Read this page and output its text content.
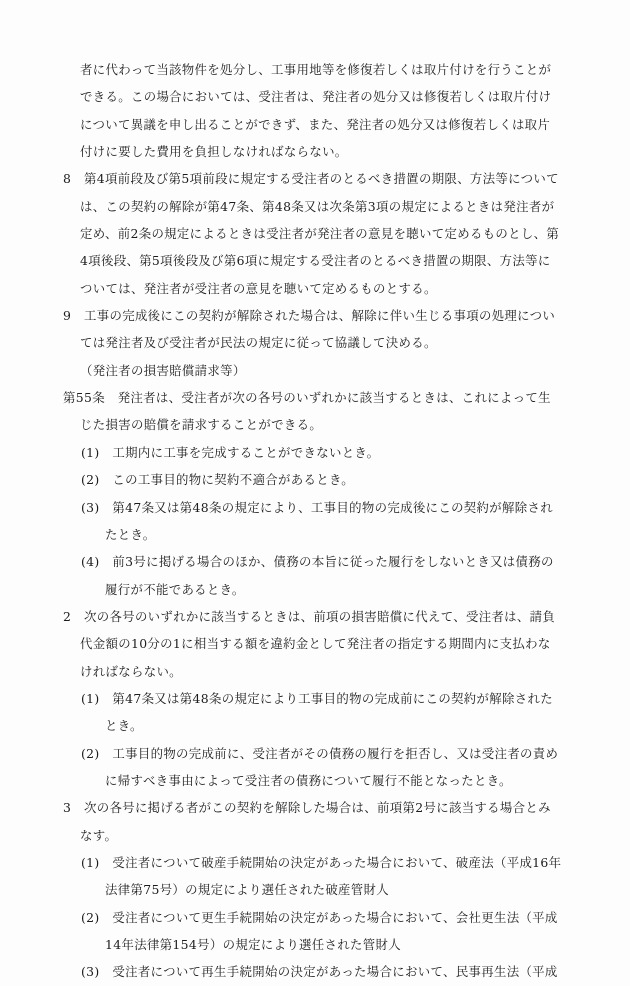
者に代わって当該物件を処分し、工事用地等を修復若しくは取片付けを行うことができる。この場合においては、受注者は、発注者の処分又は修復若しくは取片付けについて異議を申し出ることができず、また、発注者の処分又は修復若しくは取片付けに要した費用を負担しなければならない。

8　 第4項前段及び第5項前段に規定する受注者のとるべき措置の期限、方法等については、この契約の解除が第47条、第48条又は次条第3項の規定によるときは発注者が定め、前2条の規定によるときは受注者が発注者の意見を聴いて定めるものとし、第4項後段、第5項後段及び第6項に規定する受注者のとるべき措置の期限、方法等については、発注者が受注者の意見を聴いて定めるものとする。

9　 工事の完成後にこの契約が解除された場合は、解除に伴い生じる事項の処理については発注者及び受注者が民法の規定に従って協議して決める。

（発注者の損害賠償請求等）

第55条　 発注者は、受注者が次の各号のいずれかに該当するときは、これによって生じた損害の賠償を請求することができる。

(1)　 工期内に工事を完成することができないとき。

(2)　 この工事目的物に契約不適合があるとき。

(3)　 第47条又は第48条の規定により、工事目的物の完成後にこの契約が解除されたとき。

(4)　 前3号に掲げる場合のほか、債務の本旨に従った履行をしないとき又は債務の履行が不能であるとき。

2　 次の各号のいずれかに該当するときは、前項の損害賠償に代えて、受注者は、請負代金額の10分の1に相当する額を違約金として発注者の指定する期間内に支払わなければならない。

(1)　 第47条又は第48条の規定により工事目的物の完成前にこの契約が解除されたとき。

(2)　 工事目的物の完成前に、受注者がその債務の履行を拒否し、又は受注者の責めに帰すべき事由によって受注者の債務について履行不能となったとき。

3　 次の各号に掲げる者がこの契約を解除した場合は、前項第2号に該当する場合とみなす。

(1)　 受注者について破産手続開始の決定があった場合において、破産法（平成16年法律第75号）の規定により選任された破産管財人

(2)　 受注者について更生手続開始の決定があった場合において、会社更生法（平成14年法律第154号）の規定により選任された管財人

(3)　 受注者について再生手続開始の決定があった場合において、民事再生法（平成
